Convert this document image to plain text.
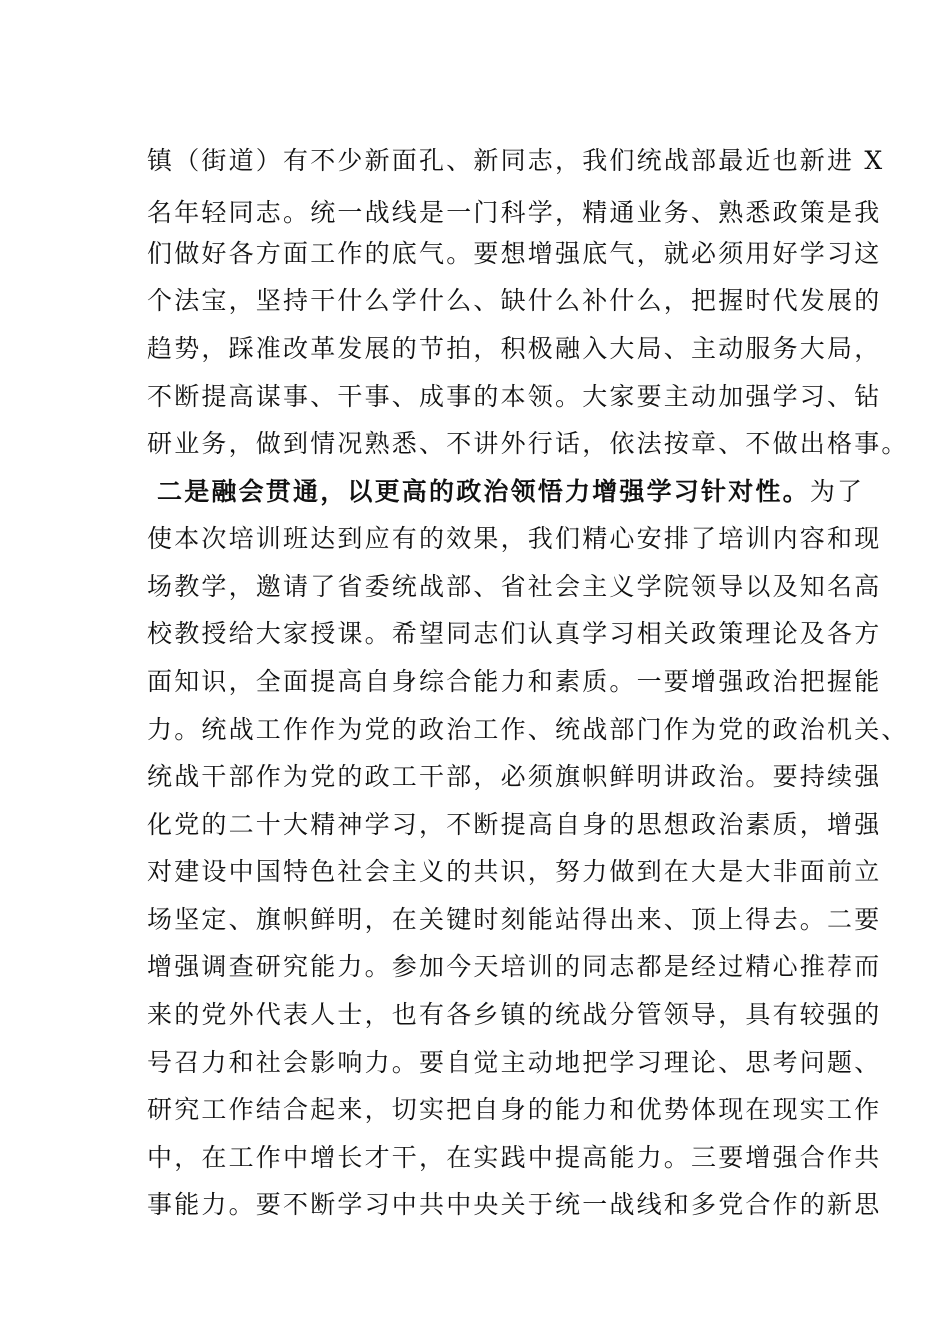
镇（街道）有不少新面孔、新同志，我们统战部最近也新进 X
名年轻同志。统一战线是一门科学，精通业务、熟悉政策是我
们做好各方面工作的底气。要想增强底气，就必须用好学习这
个法宝，坚持干什么学什么、缺什么补什么，把握时代发展的
趋势，踩准改革发展的节拍，积极融入大局、主动服务大局，
不断提高谋事、干事、成事的本领。大家要主动加强学习、钻
研业务，做到情况熟悉、不讲外行话，依法按章、不做出格事。
二是融会贯通，以更高的政治领悟力增强学习针对性。为了
使本次培训班达到应有的效果，我们精心安排了培训内容和现
场教学，邀请了省委统战部、省社会主义学院领导以及知名高
校教授给大家授课。希望同志们认真学习相关政策理论及各方
面知识，全面提高自身综合能力和素质。一要增强政治把握能
力。统战工作作为党的政治工作、统战部门作为党的政治机关、
统战干部作为党的政工干部，必须旗帜鲜明讲政治。要持续强
化党的二十大精神学习，不断提高自身的思想政治素质，增强
对建设中国特色社会主义的共识，努力做到在大是大非面前立
场坚定、旗帜鲜明，在关键时刻能站得出来、顶上得去。二要
增强调查研究能力。参加今天培训的同志都是经过精心推荐而
来的党外代表人士，也有各乡镇的统战分管领导，具有较强的
号召力和社会影响力。要自觉主动地把学习理论、思考问题、
研究工作结合起来，切实把自身的能力和优势体现在现实工作
中，在工作中增长才干，在实践中提高能力。三要增强合作共
事能力。要不断学习中共中央关于统一战线和多党合作的新思
